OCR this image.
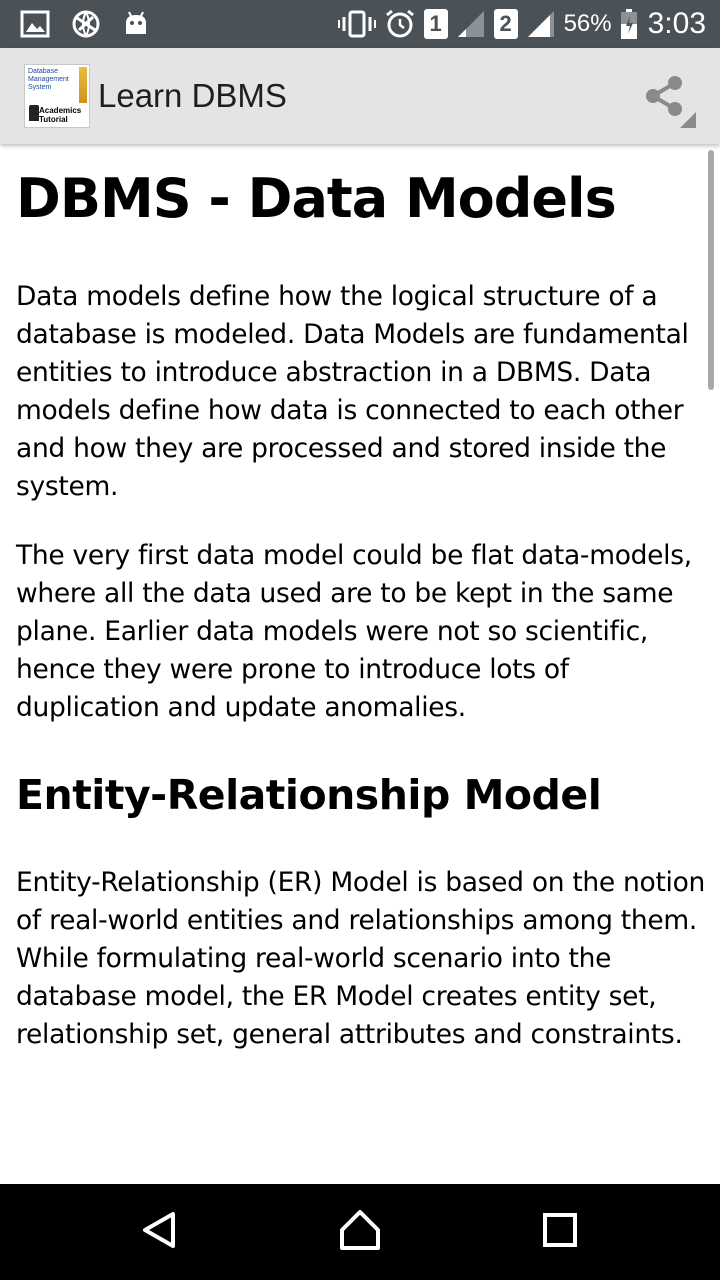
1	2 56% 3:03
Database Management System
Academics Tutorial
Learn DBMS
DBMS - Data Models

Data models define how the logical structure of a database is modeled. Data Models are fundamental entities to introduce abstraction in a DBMS. Data models define how data is connected to each other and how they are processed and stored inside the system.

The very first data model could be flat data-models, where all the data used are to be kept in the same plane. Earlier data models were not so scientific, hence they were prone to introduce lots of duplication and update anomalies.

Entity-Relationship Model

Entity-Relationship (ER) Model is based on the notion of real-world entities and relationships among them. While formulating real-world scenario into the database model, the ER Model creates entity set, relationship set, general attributes and constraints.
